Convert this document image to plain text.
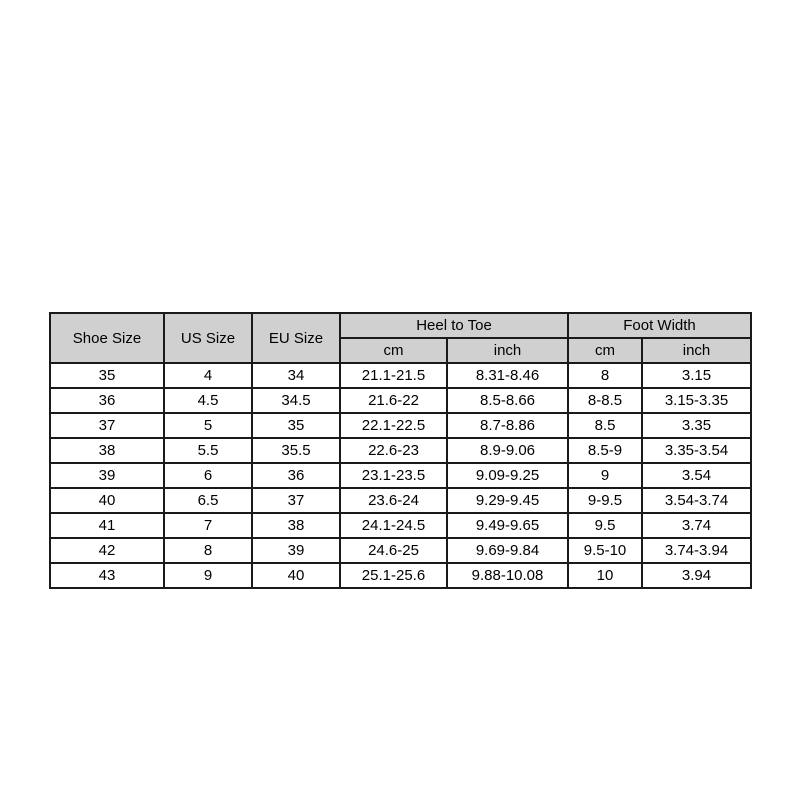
Shoe Size	US Size	EU Size	Heel to Toe		Foot Width	
			cm	inch	cm	inch
35	4	34	21.1-21.5	8.31-8.46	8	3.15
36	4.5	34.5	21.6-22	8.5-8.66	8-8.5	3.15-3.35
37	5	35	22.1-22.5	8.7-8.86	8.5	3.35
38	5.5	35.5	22.6-23	8.9-9.06	8.5-9	3.35-3.54
39	6	36	23.1-23.5	9.09-9.25	9	3.54
40	6.5	37	23.6-24	9.29-9.45	9-9.5	3.54-3.74
41	7	38	24.1-24.5	9.49-9.65	9.5	3.74
42	8	39	24.6-25	9.69-9.84	9.5-10	3.74-3.94
43	9	40	25.1-25.6	9.88-10.08	10	3.94
